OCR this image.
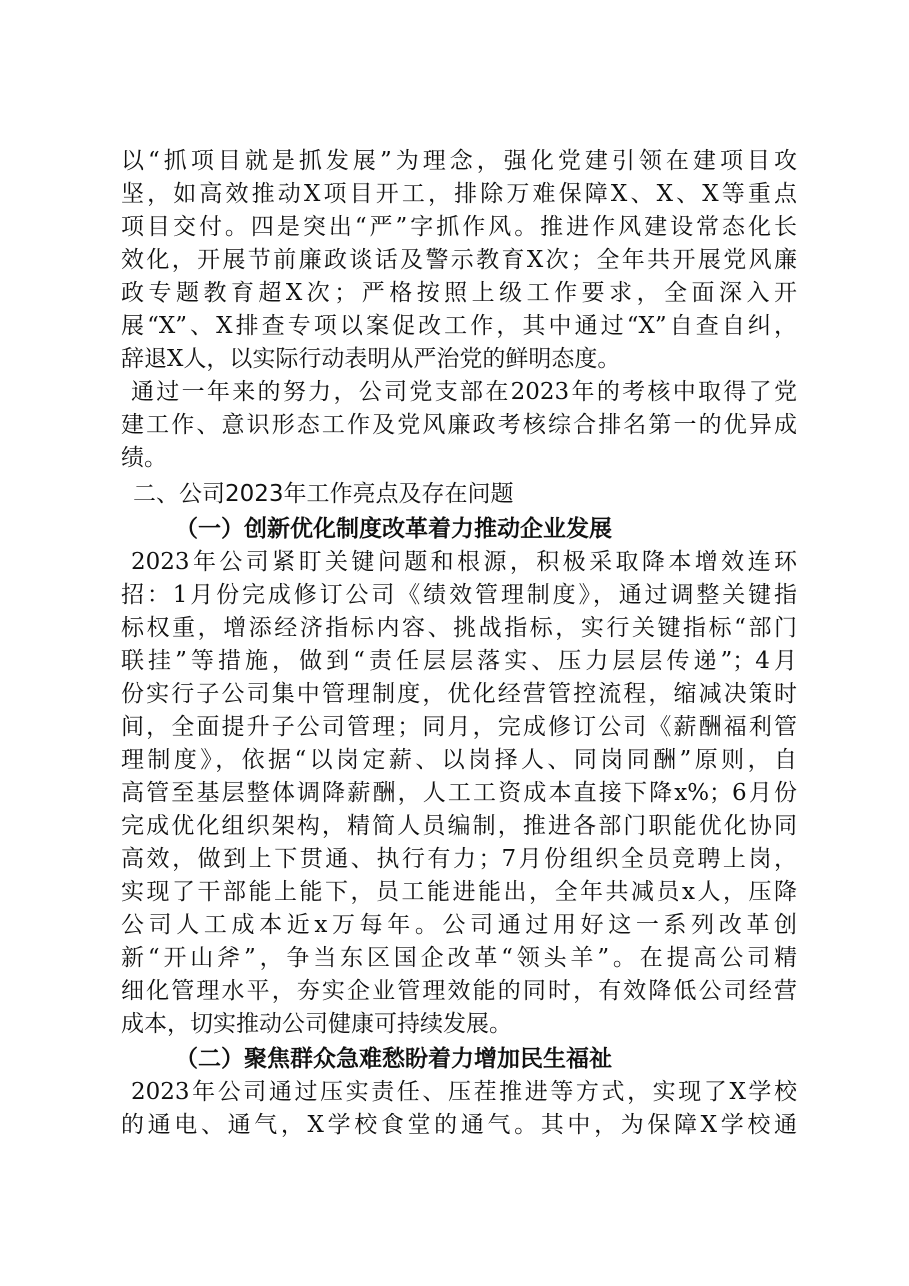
以“抓项目就是抓发展”为理念，强化党建引领在建项目攻
坚，如高效推动X项目开工，排除万难保障X、X、X等重点
项目交付。四是突出“严”字抓作风。推进作风建设常态化长
效化，开展节前廉政谈话及警示教育X次；全年共开展党风廉
政专题教育超X次；严格按照上级工作要求，全面深入开
展“X”、X排查专项以案促改工作，其中通过“X”自查自纠，
辞退X人，以实际行动表明从严治党的鲜明态度。

通过一年来的努力，公司党支部在2023年的考核中取得了党
建工作、意识形态工作及党风廉政考核综合排名第一的优异成
绩。

二、公司2023年工作亮点及存在问题
（一）创新优化制度改革着力推动企业发展

2023年公司紧盯关键问题和根源，积极采取降本增效连环
招：1月份完成修订公司《绩效管理制度》，通过调整关键指
标权重，增添经济指标内容、挑战指标，实行关键指标“部门
联挂”等措施，做到“责任层层落实、压力层层传递”；4月
份实行子公司集中管理制度，优化经营管控流程，缩减决策时
间，全面提升子公司管理；同月，完成修订公司《薪酬福利管
理制度》，依据“以岗定薪、以岗择人、同岗同酬”原则，自
高管至基层整体调降薪酬，人工工资成本直接下降x%；6月份
完成优化组织架构，精简人员编制，推进各部门职能优化协同
高效，做到上下贯通、执行有力；7月份组织全员竞聘上岗，
实现了干部能上能下，员工能进能出，全年共减员x人，压降
公司人工成本近x万每年。公司通过用好这一系列改革创
新“开山斧”，争当东区国企改革“领头羊”。在提高公司精
细化管理水平，夯实企业管理效能的同时，有效降低公司经营
成本，切实推动公司健康可持续发展。

（二）聚焦群众急难愁盼着力增加民生福祉

2023年公司通过压实责任、压茬推进等方式，实现了X学校
的通电、通气，X学校食堂的通气。其中，为保障X学校通
